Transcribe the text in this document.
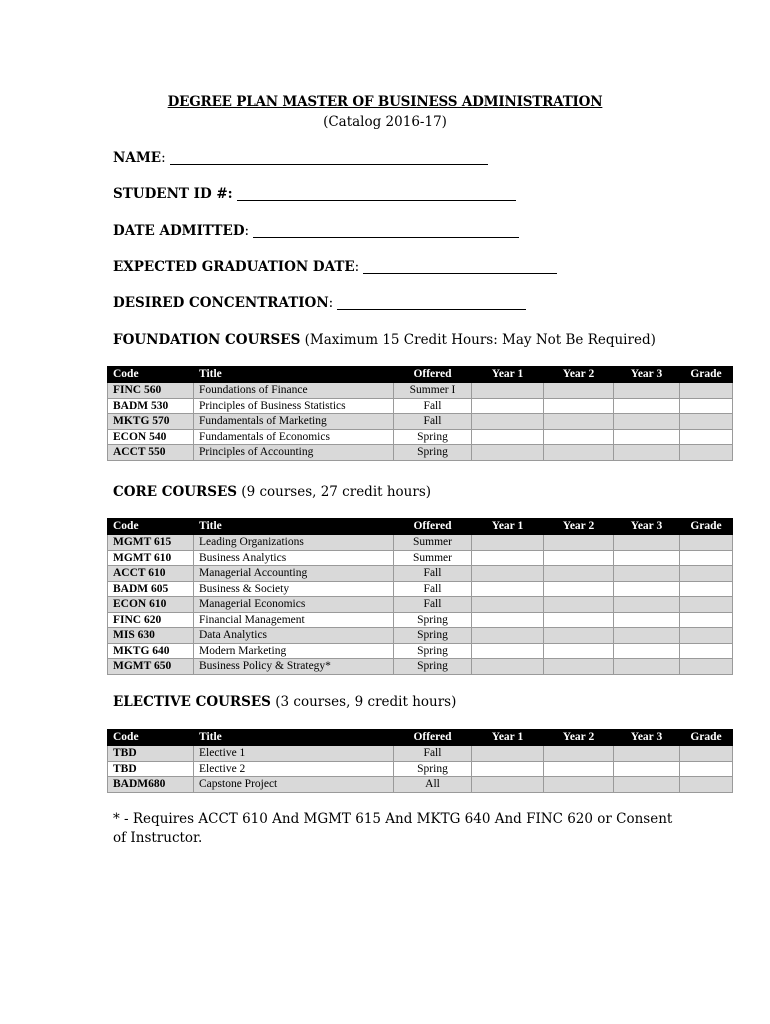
DEGREE PLAN MASTER OF BUSINESS ADMINISTRATION
(Catalog 2016-17)
NAME:
STUDENT ID #:
DATE ADMITTED:
EXPECTED GRADUATION DATE:
DESIRED CONCENTRATION:
FOUNDATION COURSES (Maximum 15 Credit Hours: May Not Be Required)
Code	Title	Offered	Year 1	Year 2	Year 3	Grade
FINC 560	Foundations of Finance	Summer I				
BADM 530	Principles of Business Statistics	Fall				
MKTG 570	Fundamentals of Marketing	Fall				
ECON 540	Fundamentals of Economics	Spring				
ACCT 550	Principles of Accounting	Spring				
CORE COURSES (9 courses, 27 credit hours)
Code	Title	Offered	Year 1	Year 2	Year 3	Grade
MGMT 615	Leading Organizations	Summer				
MGMT 610	Business Analytics	Summer				
ACCT 610	Managerial Accounting	Fall				
BADM 605	Business & Society	Fall				
ECON 610	Managerial Economics	Fall				
FINC 620	Financial Management	Spring				
MIS 630	Data Analytics	Spring				
MKTG 640	Modern Marketing	Spring				
MGMT 650	Business Policy & Strategy*	Spring				
ELECTIVE COURSES (3 courses, 9 credit hours)
Code	Title	Offered	Year 1	Year 2	Year 3	Grade
TBD	Elective 1	Fall				
TBD	Elective 2	Spring				
BADM680	Capstone Project	All				
* - Requires ACCT 610 And MGMT 615 And MKTG 640 And FINC 620 or Consent of Instructor.
